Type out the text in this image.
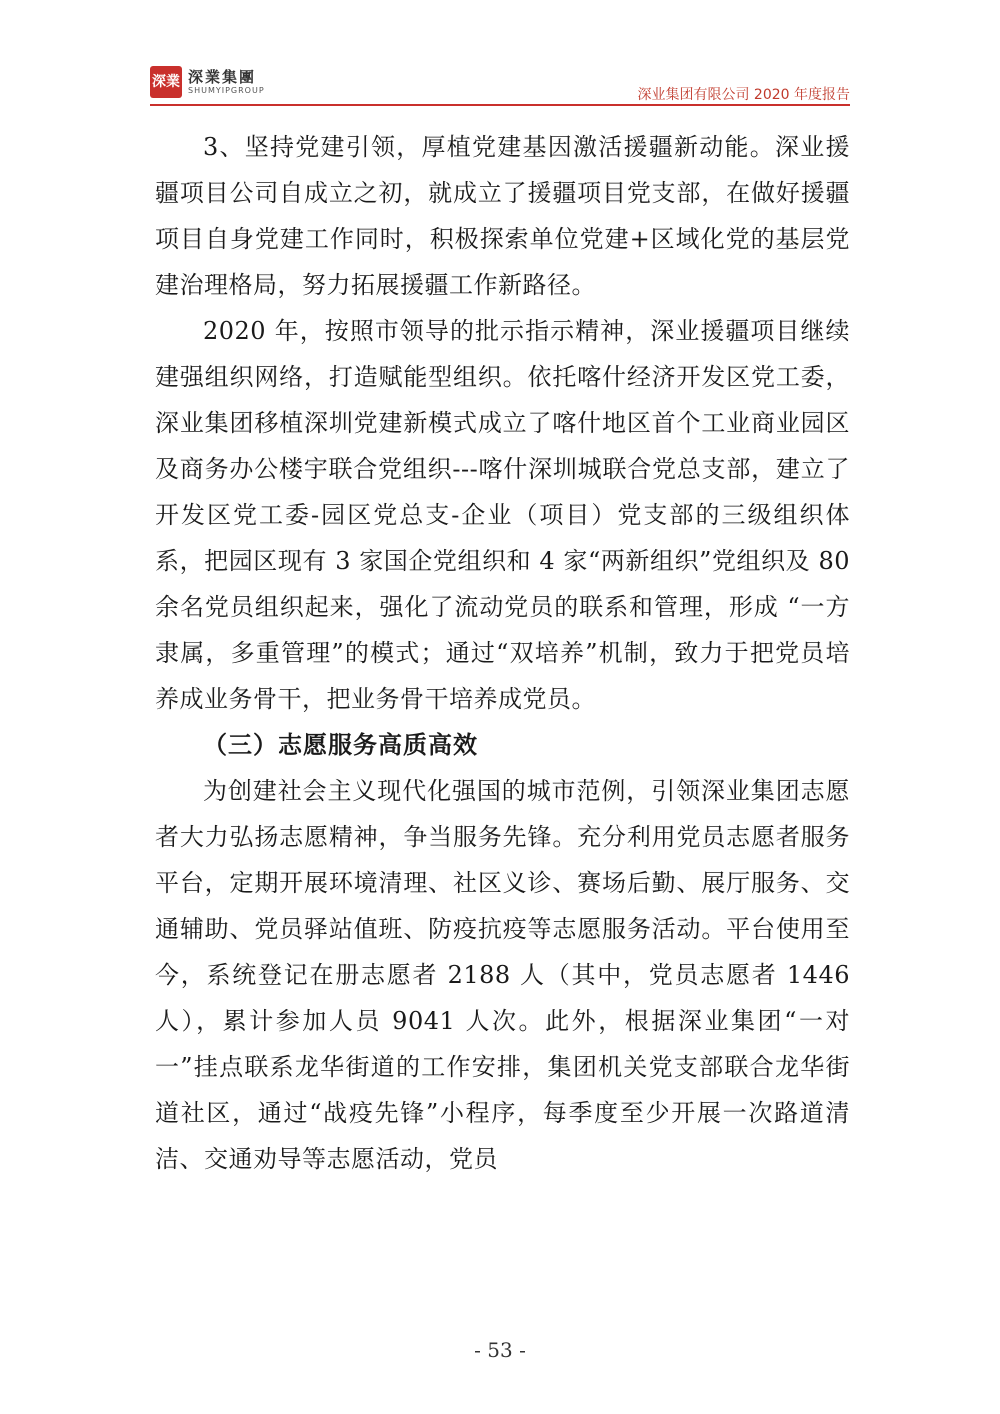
深業 深業集團
SHUMYIPGROUP	深业集团有限公司 2020 年度报告

3、坚持党建引领，厚植党建基因激活援疆新动能。深业援疆项目公司自成立之初，就成立了援疆项目党支部，在做好援疆项目自身党建工作同时，积极探索单位党建+区域化党的基层党建治理格局，努力拓展援疆工作新路径。

2020 年，按照市领导的批示指示精神，深业援疆项目继续建强组织网络，打造赋能型组织。依托喀什经济开发区党工委，深业集团移植深圳党建新模式成立了喀什地区首个工业商业园区及商务办公楼宇联合党组织---喀什深圳城联合党总支部，建立了开发区党工委-园区党总支-企业（项目）党支部的三级组织体系，把园区现有 3 家国企党组织和 4 家“两新组织”党组织及 80 余名党员组织起来，强化了流动党员的联系和管理，形成 “一方隶属，多重管理”的模式；通过“双培养”机制，致力于把党员培养成业务骨干，把业务骨干培养成党员。

（三）志愿服务高质高效

为创建社会主义现代化强国的城市范例，引领深业集团志愿者大力弘扬志愿精神，争当服务先锋。充分利用党员志愿者服务平台，定期开展环境清理、社区义诊、赛场后勤、展厅服务、交通辅助、党员驿站值班、防疫抗疫等志愿服务活动。平台使用至今，系统登记在册志愿者 2188 人（其中，党员志愿者 1446 人），累计参加人员 9041 人次。此外，根据深业集团“一对一”挂点联系龙华街道的工作安排，集团机关党支部联合龙华街道社区，通过“战疫先锋”小程序，每季度至少开展一次路道清洁、交通劝导等志愿活动，党员

- 53 -
